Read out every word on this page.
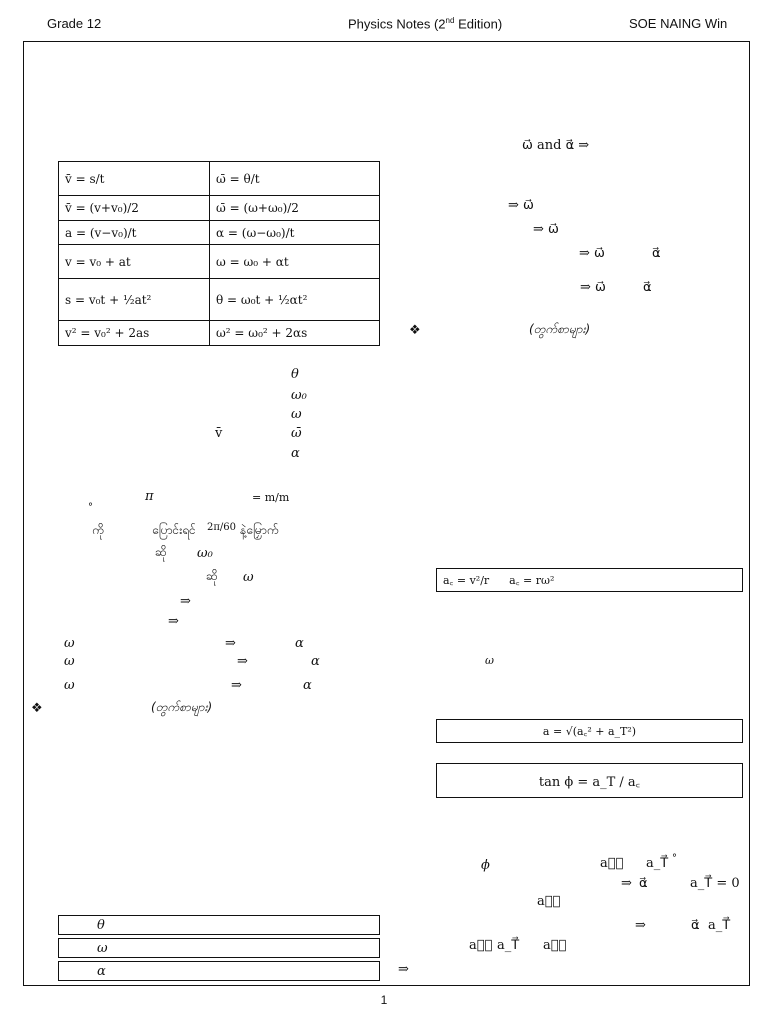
Grade 12	Physics Notes (2nd Edition)	SOE NAING Win
v̄ = s/t	ω̄ = θ/t
v̄ = (v+v₀)/2	ω̄ = (ω+ω₀)/2
a = (v−v₀)/t	α = (ω−ω₀)/t
v = v₀ + at	ω = ω₀ + αt
s = v₀t + ½at²	θ = ω₀t + ½αt²
v² = v₀² + 2as	ω² = ω₀² + 2αs
ω⃗ and α⃗ ⇒
⇒ ω⃗
⇒ ω⃗
⇒ ω⃗	α⃗
⇒ ω⃗	α⃗
❖	(တွက်စာများ)
θ
ω₀
ω
v̄	ω̄
α
π	= m/m
°
ကို	ပြောင်းရင် 2π/60 နဲ့မြှောက်
ဆို ω₀
ဆို ω
⇒
⇒
ω	⇒	α
ω	⇒	α
ω	⇒	α
❖	(တွက်စာများ)
a꜀ = v²/r a꜀ = rω²
ω
a = √(a꜀² + a_T²)
tan ϕ = a_T / a꜀
ϕ	a꜀⃗ a_T⃗ °
⇒ α⃗	a_T⃗ = 0
a꜀⃗
⇒	α⃗ a_T⃗
a꜀⃗ a_T⃗ a꜀⃗
θ

ω

α	⇒
1
